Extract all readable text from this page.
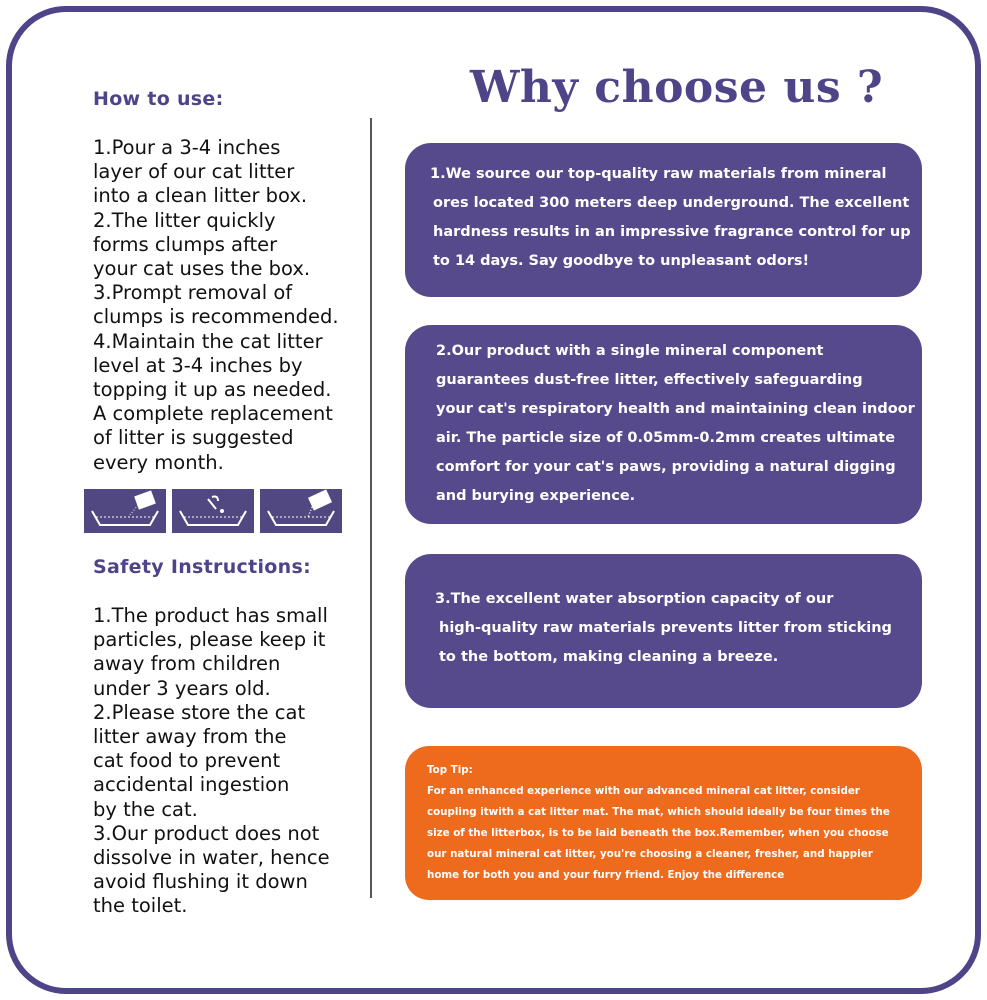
How to use:
1.Pour a 3-4 inches
layer of our cat litter
into a clean litter box.
2.The litter quickly
forms clumps after
your cat uses the box.
3.Prompt removal of
clumps is recommended.
4.Maintain the cat litter
level at 3-4 inches by
topping it up as needed.
A complete replacement
of litter is suggested
every month.
Safety Instructions:
1.The product has small
particles, please keep it
away from children
under 3 years old.
2.Please store the cat
litter away from the
cat food to prevent
accidental ingestion
by the cat.
3.Our product does not
dissolve in water, hence
avoid flushing it down
the toilet.
Why choose us ?
1.We source our top-quality raw materials from mineral
ores located 300 meters deep underground. The excellent
hardness results in an impressive fragrance control for up
to 14 days. Say goodbye to unpleasant odors!
2.Our product with a single mineral component
guarantees dust-free litter, effectively safeguarding
your cat's respiratory health and maintaining clean indoor
air. The particle size of 0.05mm-0.2mm creates ultimate
comfort for your cat's paws, providing a natural digging
and burying experience.
3.The excellent water absorption capacity of our
high-quality raw materials prevents litter from sticking
to the bottom, making cleaning a breeze.
Top Tip:
For an enhanced experience with our advanced mineral cat litter, consider
coupling itwith a cat litter mat. The mat, which should ideally be four times the
size of the litterbox, is to be laid beneath the box.Remember, when you choose
our natural mineral cat litter, you're choosing a cleaner, fresher, and happier
home for both you and your furry friend. Enjoy the difference
